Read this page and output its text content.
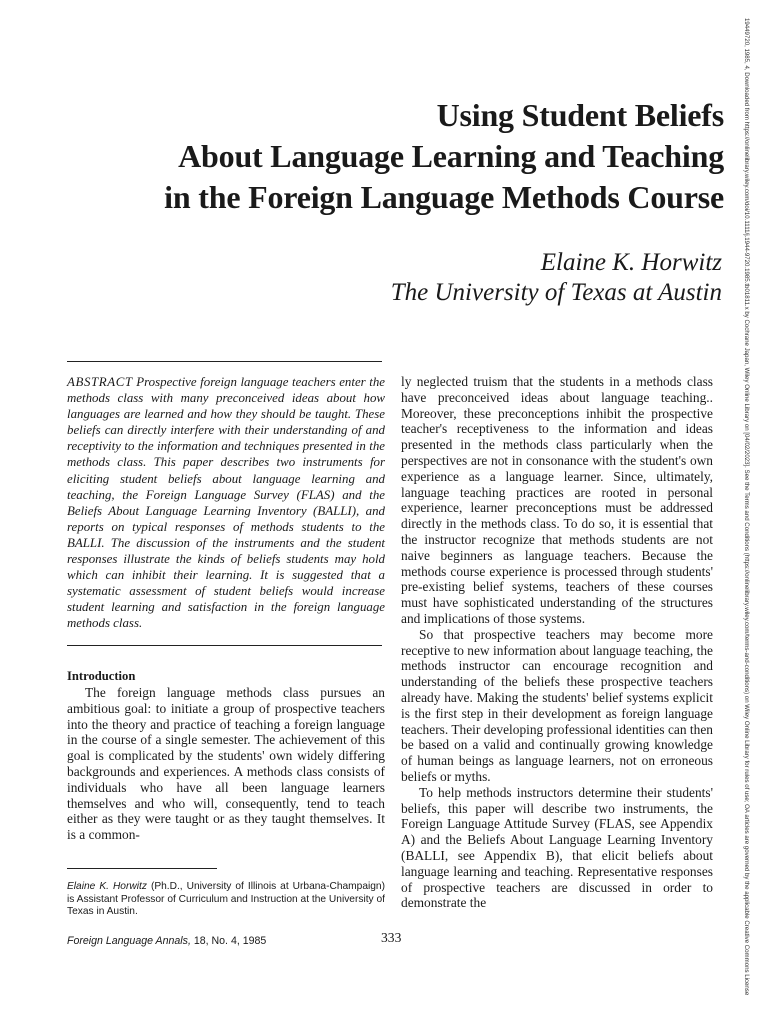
Using Student Beliefs
About Language Learning and Teaching
in the Foreign Language Methods Course
Elaine K. Horwitz
The University of Texas at Austin
ABSTRACT Prospective foreign language teachers enter the methods class with many preconceived ideas about how languages are learned and how they should be taught. These beliefs can directly interfere with their understanding of and receptivity to the information and techniques presented in the methods class. This paper describes two instruments for eliciting student beliefs about language learning and teaching, the Foreign Language Survey (FLAS) and the Beliefs About Language Learning Inventory (BALLI), and reports on typical responses of methods students to the BALLI. The discussion of the instruments and the student responses illustrate the kinds of beliefs students may hold which can inhibit their learning. It is suggested that a systematic assessment of student beliefs would increase student learning and satisfaction in the foreign language methods class.
Introduction

The foreign language methods class pursues an ambitious goal: to initiate a group of prospective teachers into the theory and practice of teaching a foreign language in the course of a single semester. The achievement of this goal is complicated by the students' own widely differing backgrounds and experiences. A methods class consists of individuals who have all been language learners themselves and who will, consequently, tend to teach either as they were taught or as they taught themselves. It is a common-

Elaine K. Horwitz (Ph.D., University of Illinois at Urbana-Champaign) is Assistant Professor of Curriculum and Instruction at the University of Texas in Austin.

ly neglected truism that the students in a methods class have preconceived ideas about language teaching.. Moreover, these preconceptions inhibit the prospective teacher's receptiveness to the information and ideas presented in the methods class particularly when the perspectives are not in consonance with the student's own experience as a language learner. Since, ultimately, language teaching practices are rooted in personal experience, learner preconceptions must be addressed directly in the methods class. To do so, it is essential that the instructor recognize that methods students are not naive beginners as language teachers. Because the methods course experience is processed through students' pre-existing belief systems, teachers of these courses must have sophisticated understanding of the structures and implications of those systems.

So that prospective teachers may become more receptive to new information about language teaching, the methods instructor can encourage recognition and understanding of the beliefs these prospective teachers already have. Making the students' belief systems explicit is the first step in their development as foreign language teachers. Their developing professional identities can then be based on a valid and continually growing knowledge of human beings as language learners, not on erroneous beliefs or myths.

To help methods instructors determine their students' beliefs, this paper will describe two instruments, the Foreign Language Attitude Survey (FLAS, see Appendix A) and the Beliefs About Language Learning Inventory (BALLI, see Appendix B), that elicit beliefs about language learning and teaching. Representative responses of prospective teachers are discussed in order to demonstrate the

Foreign Language Annals, 18, No. 4, 1985	333	19449720, 1985, 4, Downloaded from https://onlinelibrary.wiley.com/doi/10.1111/j.1944-9720.1985.tb01811.x by Cochrane Japan, Wiley Online Library on [04/02/2023]. See the Terms and Conditions (https://onlinelibrary.wiley.com/terms-and-conditions) on Wiley Online Library for rules of use; OA articles are governed by the applicable Creative Commons License
